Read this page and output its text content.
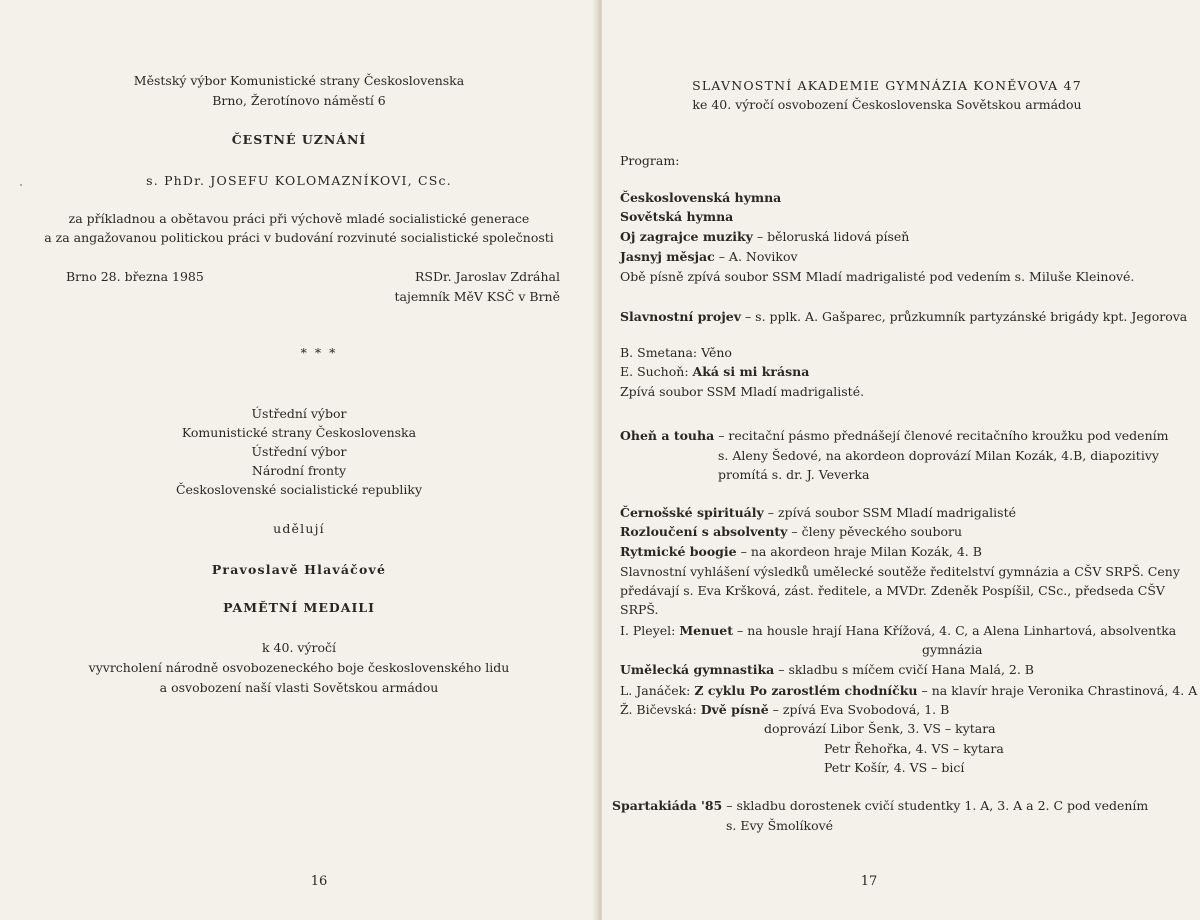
Městský výbor Komunistické strany Československa
Brno, Žerotínovo náměstí 6
ČESTNÉ UZNÁNÍ
s. PhDr. JOSEFU KOLOMAZNÍKOVI, CSc.
za příkladnou a obětavou práci při výchově mladé socialistické generace
a za angažovanou politickou práci v budování rozvinuté socialistické společnosti
Brno 28. března 1985	RSDr. Jaroslav Zdráhal
tajemník MěV KSČ v Brně
* * *
Ústřední výbor
Komunistické strany Československa
Ústřední výbor
Národní fronty
Československé socialistické republiky
udělují
Pravoslavě Hlaváčové
PAMĚTNÍ MEDAILI
k 40. výročí
vyvrcholení národně osvobozeneckého boje československého lidu
a osvobození naší vlasti Sovětskou armádou
16
SLAVNOSTNÍ AKADEMIE GYMNÁZIA KONĚVOVA 47
ke 40. výročí osvobození Československa Sovětskou armádou
Program:
Československá hymna
Sovětská hymna
Oj zagrajce muziky – běloruská lidová píseň
Jasnyj měsjac – A. Novikov
Obě písně zpívá soubor SSM Mladí madrigalisté pod vedením s. Miluše Kleinové.
Slavnostní projev – s. pplk. A. Gašparec, průzkumník partyzánské brigády kpt. Jegorova
B. Smetana: Věno
E. Suchoň: Aká si mi krásna
Zpívá soubor SSM Mladí madrigalisté.
Oheň a touha – recitační pásmo přednášejí členové recitačního kroužku pod vedením
s. Aleny Šedové, na akordeon doprovází Milan Kozák, 4.B, diapozitivy
promítá s. dr. J. Veverka
Černošské spirituály – zpívá soubor SSM Mladí madrigalisté
Rozloučení s absolventy – členy pěveckého souboru
Rytmické boogie – na akordeon hraje Milan Kozák, 4. B
Slavnostní vyhlášení výsledků umělecké soutěže ředitelství gymnázia a CŠV SRPŠ. Ceny
předávají s. Eva Kršková, zást. ředitele, a MVDr. Zdeněk Pospíšil, CSc., předseda CŠV
SRPŠ.
I. Pleyel: Menuet – na housle hrají Hana Křížová, 4. C, a Alena Linhartová, absolventka
gymnázia
Umělecká gymnastika – skladbu s míčem cvičí Hana Malá, 2. B
L. Janáček: Z cyklu Po zarostlém chodníčku – na klavír hraje Veronika Chrastinová, 4. A
Ž. Bičevská: Dvě písně – zpívá Eva Svobodová, 1. B
doprovází Libor Šenk, 3. VS – kytara
Petr Řehořka, 4. VS – kytara
Petr Košír, 4. VS – bicí
Spartakiáda '85 – skladbu dorostenek cvičí studentky 1. A, 3. A a 2. C pod vedením
s. Evy Šmolíkové
17
